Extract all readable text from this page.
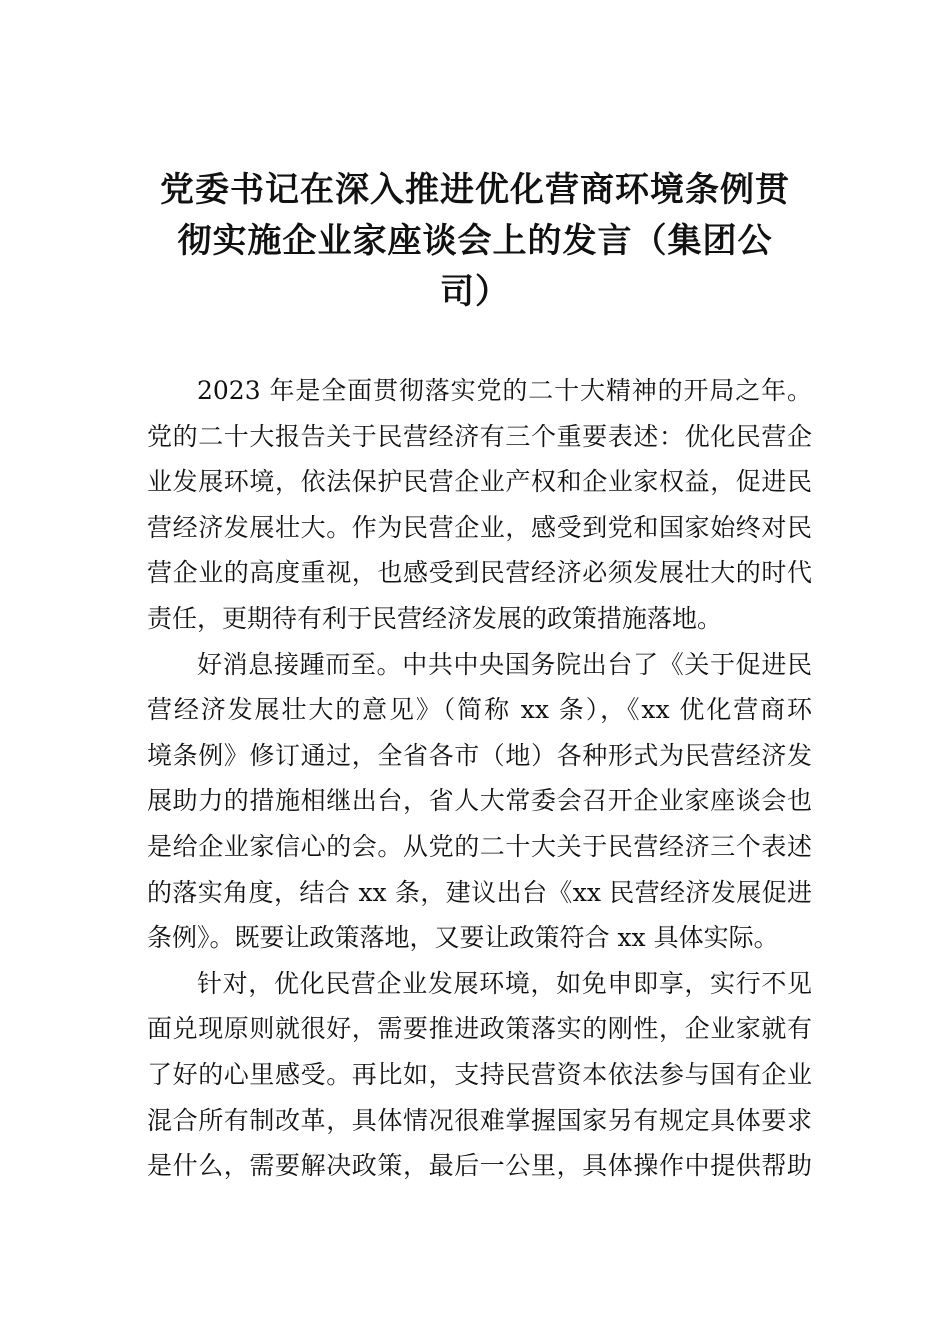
党委书记在深入推进优化营商环境条例贯
彻实施企业家座谈会上的发言（集团公
司）

2023 年是全面贯彻落实党的二十大精神的开局之年。
党的二十大报告关于民营经济有三个重要表述：优化民营企
业发展环境，依法保护民营企业产权和企业家权益，促进民
营经济发展壮大。作为民营企业，感受到党和国家始终对民
营企业的高度重视，也感受到民营经济必须发展壮大的时代
责任，更期待有利于民营经济发展的政策措施落地。

好消息接踵而至。中共中央国务院出台了《关于促进民
营经济发展壮大的意见》（简称 xx 条），《xx 优化营商环
境条例》修订通过，全省各市（地）各种形式为民营经济发
展助力的措施相继出台，省人大常委会召开企业家座谈会也
是给企业家信心的会。从党的二十大关于民营经济三个表述
的落实角度，结合 xx 条，建议出台《xx 民营经济发展促进
条例》。既要让政策落地，又要让政策符合 xx 具体实际。

针对，优化民营企业发展环境，如免申即享，实行不见
面兑现原则就很好，需要推进政策落实的刚性，企业家就有
了好的心里感受。再比如，支持民营资本依法参与国有企业
混合所有制改革，具体情况很难掌握国家另有规定具体要求
是什么，需要解决政策，最后一公里，具体操作中提供帮助
